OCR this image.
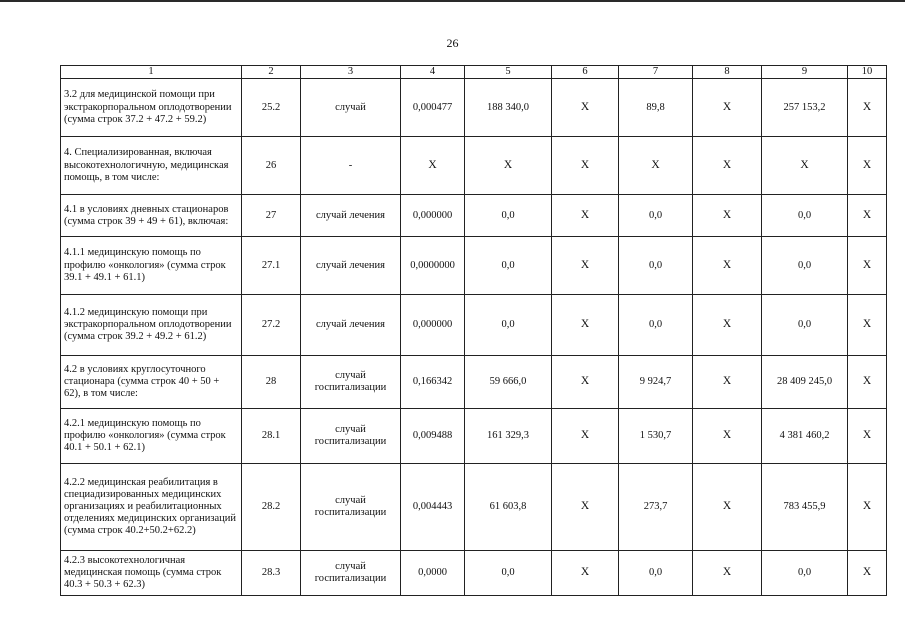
26
1	2	3	4	5	6	7	8	9	10
3.2 для медицинской помощи при экстракорпоральном оплодотворении (сумма строк 37.2 + 47.2 + 59.2)	25.2	случай	0,000477	188 340,0	X	89,8	X	257 153,2	X
4. Специализированная, включая высокотехнологичную, медицинская помощь, в том числе:	26	-	X	X	X	X	X	X	X
4.1 в условиях дневных стационаров (сумма строк 39 + 49 + 61), включая:	27	случай лечения	0,000000	0,0	X	0,0	X	0,0	X
4.1.1 медицинскую помощь по профилю «онкология» (сумма строк 39.1 + 49.1 + 61.1)	27.1	случай лечения	0,0000000	0,0	X	0,0	X	0,0	X
4.1.2 медицинскую помощи при экстракорпоральном оплодотворении (сумма строк 39.2 + 49.2 + 61.2)	27.2	случай лечения	0,000000	0,0	X	0,0	X	0,0	X
4.2 в условиях круглосуточного стационара (сумма строк 40 + 50 + 62), в том числе:	28	случай госпитализации	0,166342	59 666,0	X	9 924,7	X	28 409 245,0	X
4.2.1 медицинскую помощь по профилю «онкология» (сумма строк 40.1 + 50.1 + 62.1)	28.1	случай госпитализации	0,009488	161 329,3	X	1 530,7	X	4 381 460,2	X
4.2.2 медицинская реабилитация в специадизированных медицинских организациях и реабилитационных отделениях медицинских организаций (сумма строк 40.2+50.2+62.2)	28.2	случай госпитализации	0,004443	61 603,8	X	273,7	X	783 455,9	X
4.2.3 высокотехнологичная медицинская помощь (сумма строк 40.3 + 50.3 + 62.3)	28.3	случай госпитализации	0,0000	0,0	X	0,0	X	0,0	X
